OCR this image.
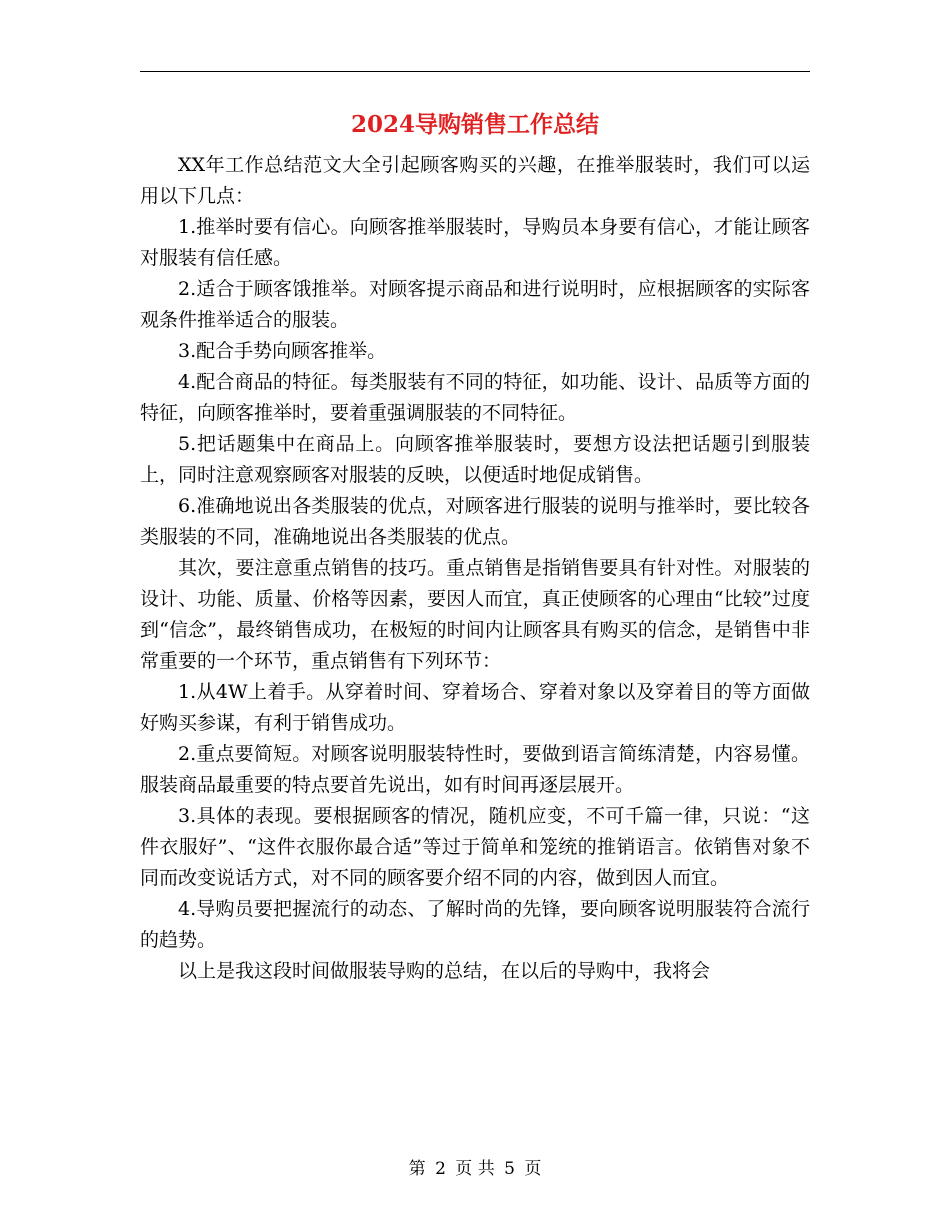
2024导购销售工作总结

XX年工作总结范文大全引起顾客购买的兴趣，在推举服装时，我们可以运用以下几点：

1.推举时要有信心。向顾客推举服装时，导购员本身要有信心，才能让顾客对服装有信任感。

2.适合于顾客饿推举。对顾客提示商品和进行说明时，应根据顾客的实际客观条件推举适合的服装。

3.配合手势向顾客推举。

4.配合商品的特征。每类服装有不同的特征，如功能、设计、品质等方面的特征，向顾客推举时，要着重强调服装的不同特征。

5.把话题集中在商品上。向顾客推举服装时，要想方设法把话题引到服装上，同时注意观察顾客对服装的反映，以便适时地促成销售。

6.准确地说出各类服装的优点，对顾客进行服装的说明与推举时，要比较各类服装的不同，准确地说出各类服装的优点。

其次，要注意重点销售的技巧。重点销售是指销售要具有针对性。对服装的设计、功能、质量、价格等因素，要因人而宜，真正使顾客的心理由“比较”过度到“信念”，最终销售成功，在极短的时间内让顾客具有购买的信念，是销售中非常重要的一个环节，重点销售有下列环节：

1.从4W上着手。从穿着时间、穿着场合、穿着对象以及穿着目的等方面做好购买参谋，有利于销售成功。

2.重点要简短。对顾客说明服装特性时，要做到语言简练清楚，内容易懂。服装商品最重要的特点要首先说出，如有时间再逐层展开。

3.具体的表现。要根据顾客的情况，随机应变，不可千篇一律，只说：“这件衣服好”、“这件衣服你最合适”等过于简单和笼统的推销语言。依销售对象不同而改变说话方式，对不同的顾客要介绍不同的内容，做到因人而宜。

4.导购员要把握流行的动态、了解时尚的先锋，要向顾客说明服装符合流行的趋势。

以上是我这段时间做服装导购的总结，在以后的导购中，我将会

第 2 页 共 5 页
